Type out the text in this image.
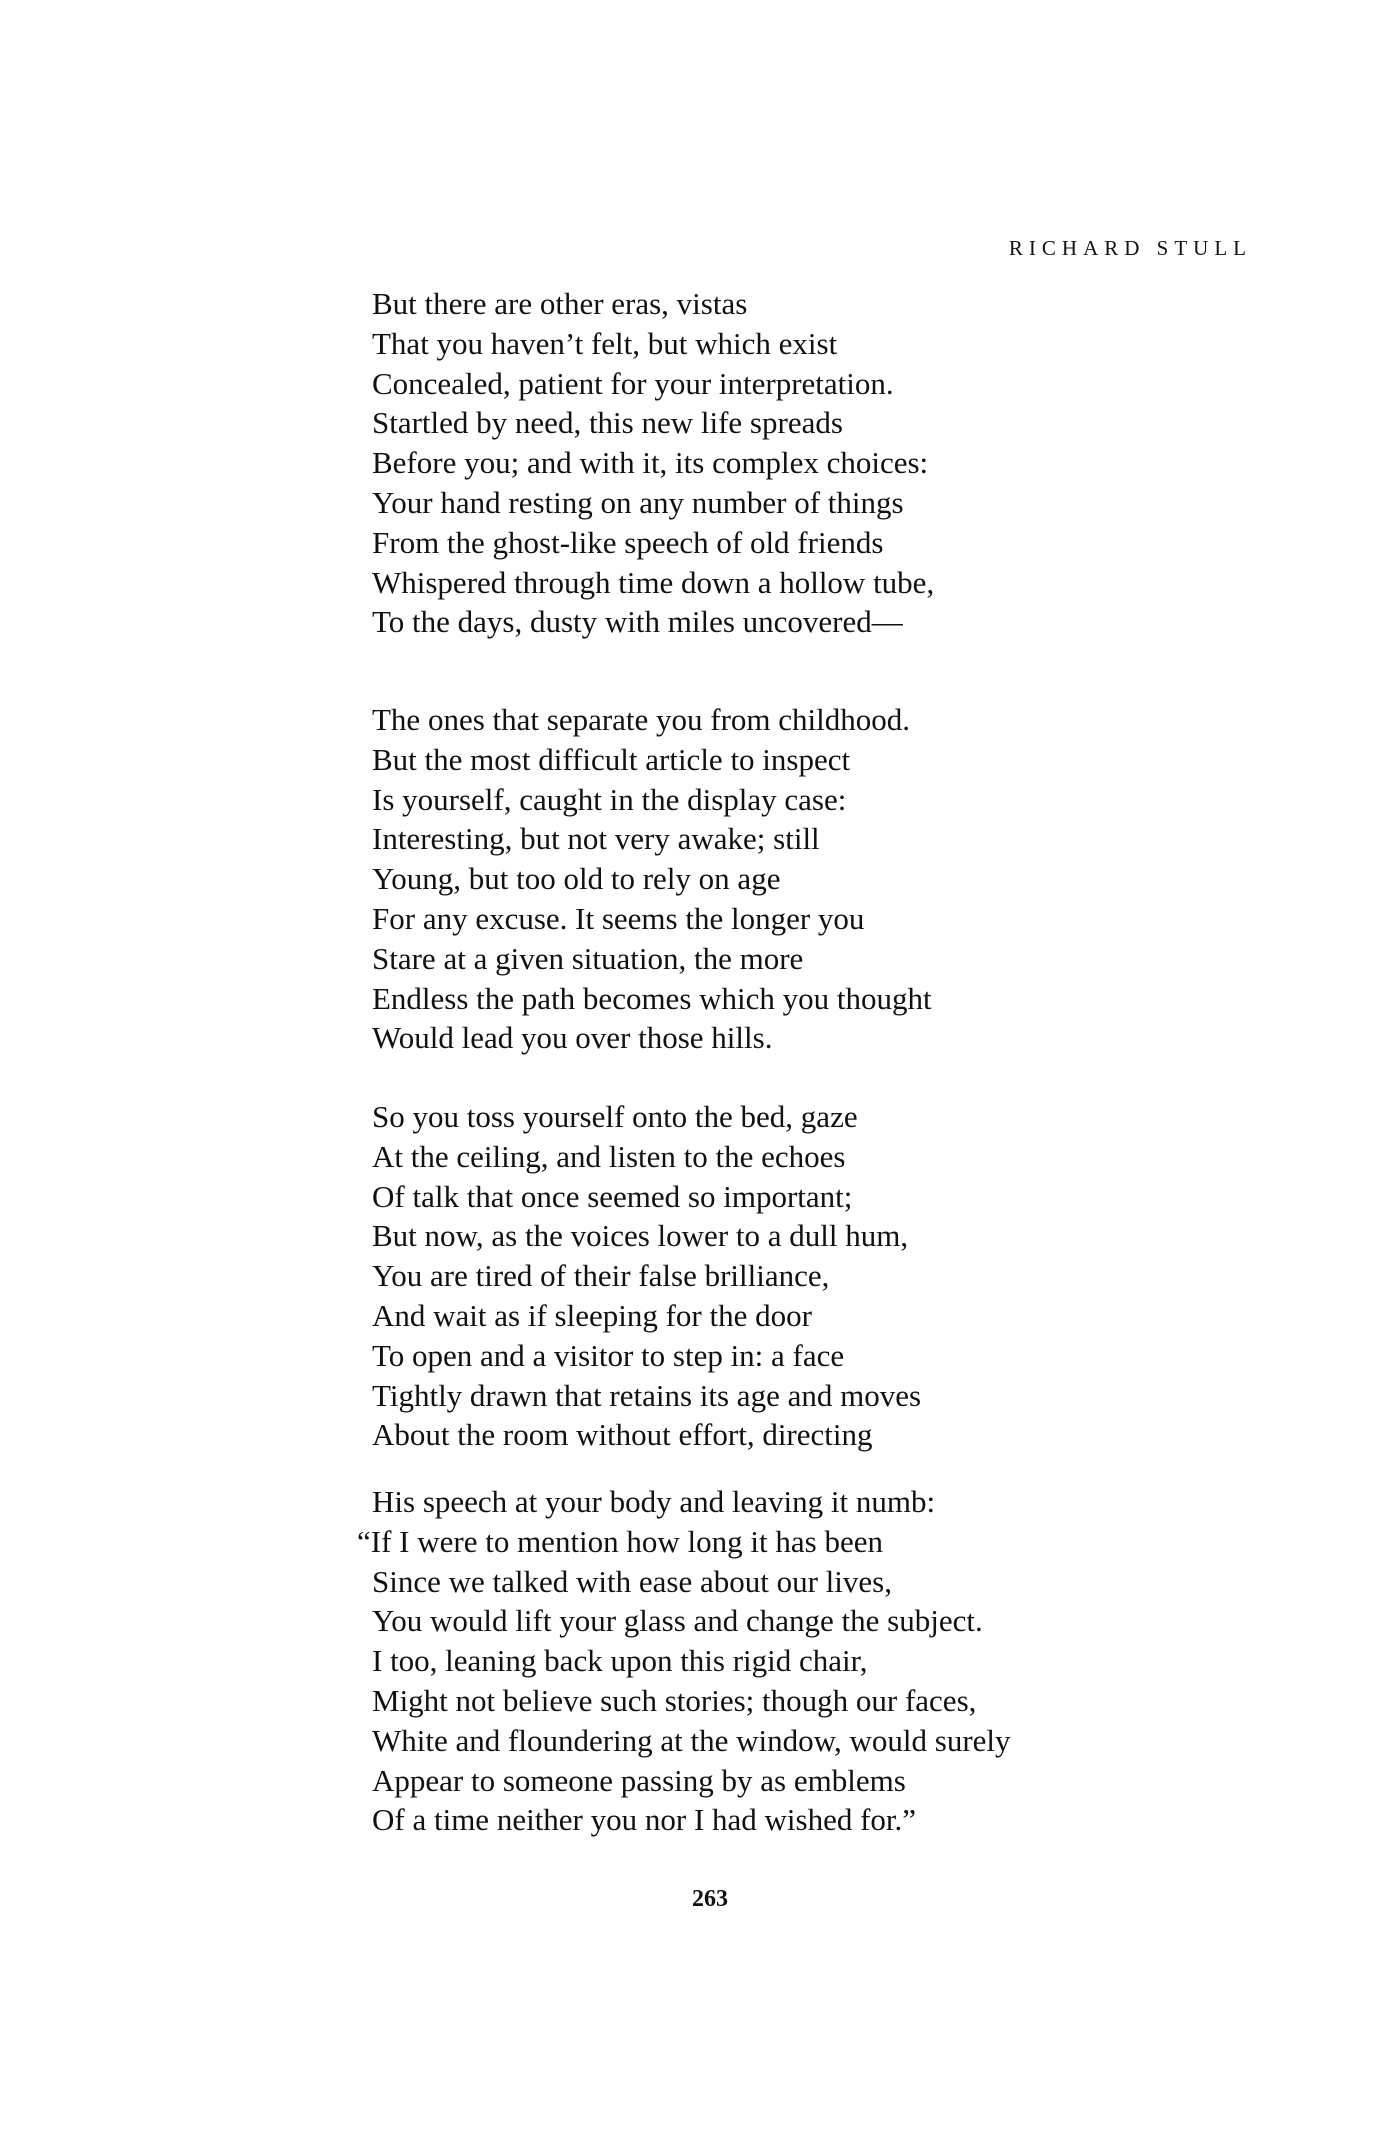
RICHARD STULL
But there are other eras, vistas
That you haven’t felt, but which exist
Concealed, patient for your interpretation.
Startled by need, this new life spreads
Before you; and with it, its complex choices:
Your hand resting on any number of things
From the ghost-like speech of old friends
Whispered through time down a hollow tube,
To the days, dusty with miles uncovered—
The ones that separate you from childhood.
But the most difficult article to inspect
Is yourself, caught in the display case:
Interesting, but not very awake; still
Young, but too old to rely on age
For any excuse. It seems the longer you
Stare at a given situation, the more
Endless the path becomes which you thought
Would lead you over those hills.
So you toss yourself onto the bed, gaze
At the ceiling, and listen to the echoes
Of talk that once seemed so important;
But now, as the voices lower to a dull hum,
You are tired of their false brilliance,
And wait as if sleeping for the door
To open and a visitor to step in: a face
Tightly drawn that retains its age and moves
About the room without effort, directing
His speech at your body and leaving it numb:
“If I were to mention how long it has been
Since we talked with ease about our lives,
You would lift your glass and change the subject.
I too, leaning back upon this rigid chair,
Might not believe such stories; though our faces,
White and floundering at the window, would surely
Appear to someone passing by as emblems
Of a time neither you nor I had wished for.”
263
